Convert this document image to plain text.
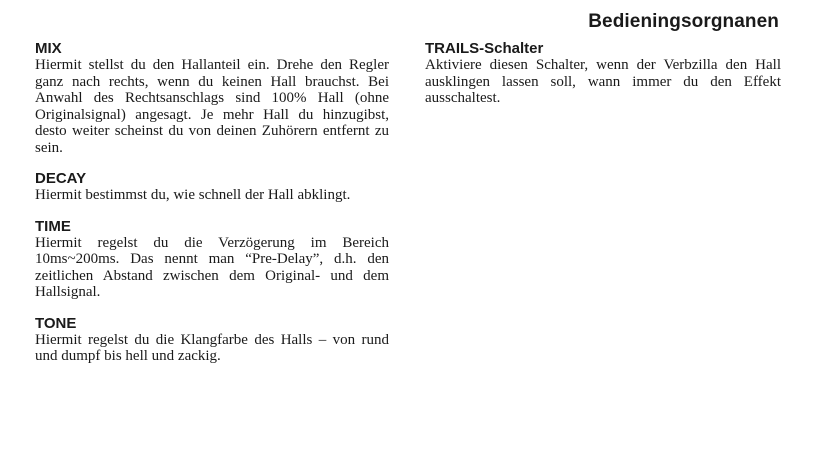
Bedieningsorgnanen
MIX

Hiermit stellst du den Hallanteil ein. Drehe den Regler ganz nach rechts, wenn du keinen Hall brauchst. Bei Anwahl des Rechtsanschlags sind 100% Hall (ohne Originalsignal) angesagt. Je mehr Hall du hinzugibst, desto weiter scheinst du von deinen Zuhörern entfernt zu sein.

DECAY

Hiermit bestimmst du, wie schnell der Hall abklingt.

TIME

Hiermit regelst du die Verzögerung im Bereich 10ms~200ms. Das nennt man “Pre-Delay”, d.h. den zeitlichen Abstand zwischen dem Original- und dem Hallsignal.

TONE

Hiermit regelst du die Klangfarbe des Halls – von rund und dumpf bis hell und zackig.

TRAILS-Schalter

Aktiviere diesen Schalter, wenn der Verbzilla den Hall ausklingen lassen soll, wann immer du den Effekt ausschaltest.
